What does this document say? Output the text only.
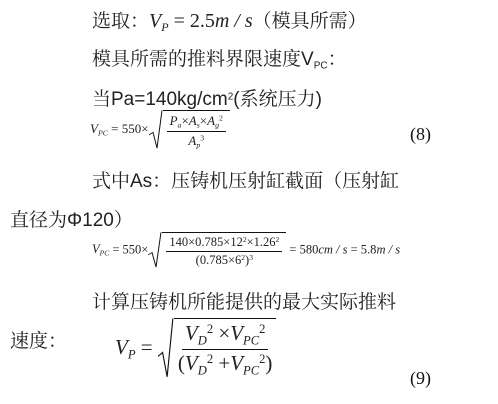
选取：$V_P = 2.5m / s$（模具所需）
模具所需的推料界限速度$V_{PC}$：
当$Pa=140kg/cm^2$(系统压力)
$V_{PC} = 550\times \frac{P_a\times A_s\times A_g^2}{A_p^3}$	(8)
式中As：压铸机压射缸截面（压射缸
直径为Φ120）
$V_{PC} = 550\times \frac{140\times 0.785\times 12^2\times 1.26^2}{(0.785\times 6^2)^3} = 580cm / s = 5.8m / s$
计算压铸机所能提供的最大实际推料
速度： $V_P = \frac{V_D^2 \times V_{PC}^2}{(V_D^2 +V_{PC}^2)}$	(9)
